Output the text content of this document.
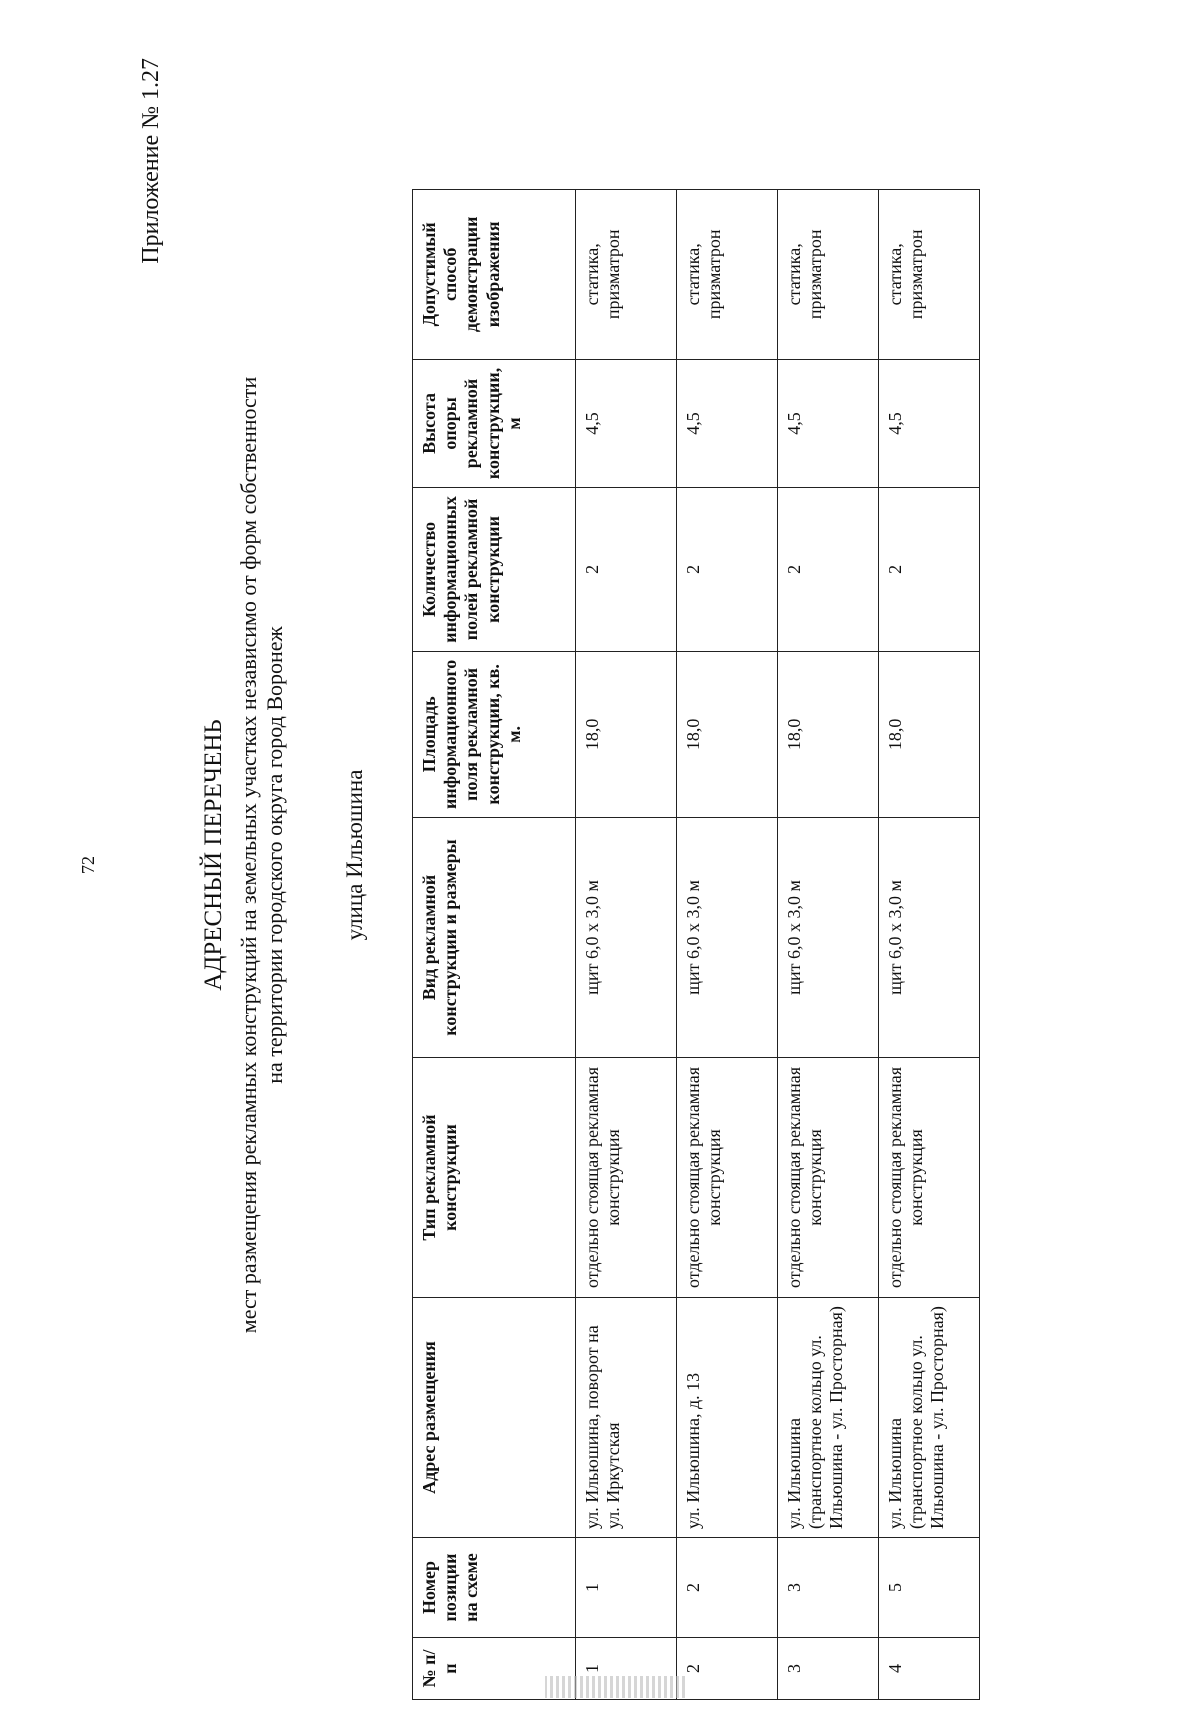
72
Приложение № 1.27
АДРЕСНЫЙ ПЕРЕЧЕНЬ мест размещения рекламных конструкций на земельных участках независимо от форм собственности на территории городского округа город Воронеж улица Ильюшина
№ п/п	Номер позиции на схеме	Адрес размещения	Тип рекламной конструкции	Вид рекламной конструкции и размеры	Площадь информационного поля рекламной конструкции, кв. м.	Количество информационных полей рекламной конструкции	Высота опоры рекламной конструкции, м	Допустимый способ демонстрации изображения
1	1	ул. Ильюшина, поворот на ул. Иркутская	отдельно стоящая рекламная конструкция	щит 6,0 х 3,0 м	18,0	2	4,5	статика, призматрон
2	2	ул. Ильюшина, д. 13	отдельно стоящая рекламная конструкция	щит 6,0 х 3,0 м	18,0	2	4,5	статика, призматрон
3	3	ул. Ильюшина (транспортное кольцо ул. Ильюшина - ул. Просторная)	отдельно стоящая рекламная конструкция	щит 6,0 х 3,0 м	18,0	2	4,5	статика, призматрон
4	5	ул. Ильюшина (транспортное кольцо ул. Ильюшина - ул. Просторная)	отдельно стоящая рекламная конструкция	щит 6,0 х 3,0 м	18,0	2	4,5	статика, призматрон
